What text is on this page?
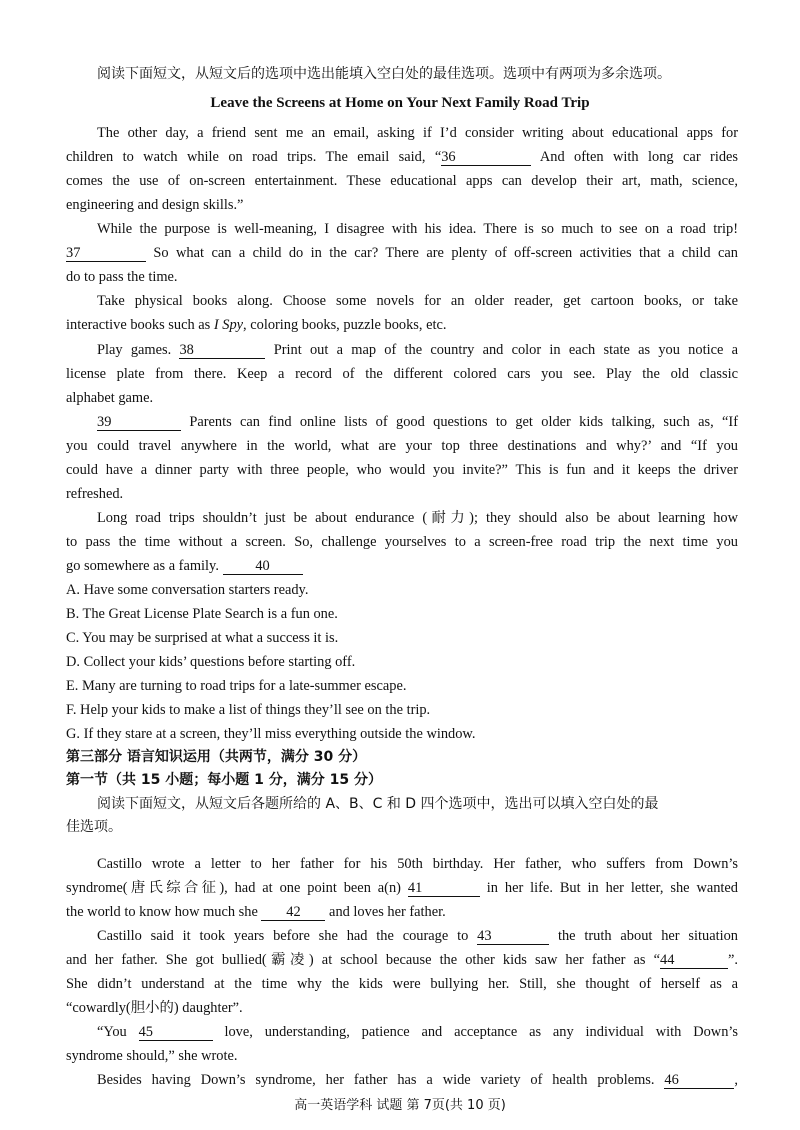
阅读下面短文，从短文后的选项中选出能填入空白处的最佳选项。选项中有两项为多余选项。
Leave the Screens at Home on Your Next Family Road Trip
The other day, a friend sent me an email, asking if I’d consider writing about educational apps for
children to watch while on road trips. The email said, “36	And often with long car rides
comes the use of on-screen entertainment. These educational apps can develop their art, math, science,
engineering and design skills.”
While the purpose is well-meaning, I disagree with his idea. There is so much to see on a road trip!
37	So what can a child do in the car? There are plenty of off-screen activities that a child can
do to pass the time.
Take physical books along. Choose some novels for an older reader, get cartoon books, or take
interactive books such as I Spy, coloring books, puzzle books, etc.
Play games. 38	Print out a map of the country and color in each state as you notice a
license plate from there. Keep a record of the different colored cars you see. Play the old classic
alphabet game.
39	Parents can find online lists of good questions to get older kids talking, such as, “If
you could travel anywhere in the world, what are your top three destinations and why?’ and “If you
could have a dinner party with three people, who would you invite?” This is fun and it keeps the driver
refreshed.
Long road trips shouldn’t just be about endurance (耐力); they should also be about learning how
to pass the time without a screen. So, challenge yourselves to a screen-free road trip the next time you
go somewhere as a family. 40
A. Have some conversation starters ready.
B. The Great License Plate Search is a fun one.
C. You may be surprised at what a success it is.
D. Collect your kids’ questions before starting off.
E. Many are turning to road trips for a late-summer escape.
F. Help your kids to make a list of things they’ll see on the trip.
G. If they stare at a screen, they’ll miss everything outside the window.
第三部分 语言知识运用（共两节，满分 30 分）
第一节（共 15 小题；每小题 1 分，满分 15 分）
阅读下面短文，从短文后各题所给的 A、B、C 和 D 四个选项中，选出可以填入空白处的最
佳选项。
Castillo wrote a letter to her father for his 50th birthday. Her father, who suffers from Down’s
syndrome(唐氏综合征), had at one point been a(n) 41	in her life. But in her letter, she wanted
the world to know how much she 42 and loves her father.
Castillo said it took years before she had the courage to 43	the truth about her situation
and her father. She got bullied(霸凌) at school because the other kids saw her father as “44	”.
She didn’t understand at the time why the kids were bullying her. Still, she thought of herself as a
“cowardly(胆小的) daughter”.
“You 45	love, understanding, patience and acceptance as any individual with Down’s
syndrome should,” she wrote.
Besides having Down’s syndrome, her father has a wide variety of health problems. 46	,
高一英语学科 试题 第 7页(共 10 页)
